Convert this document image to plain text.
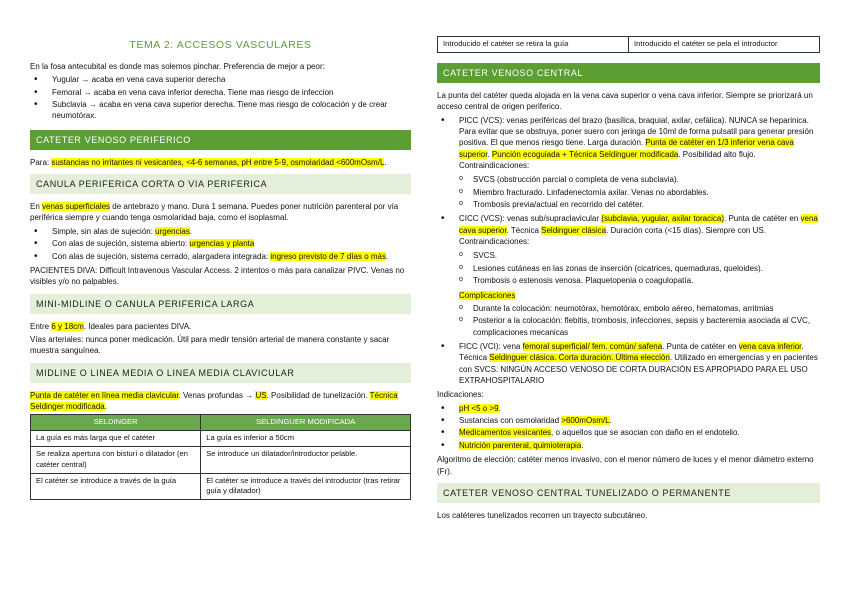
TEMA 2: ACCESOS VASCULARES

En la fosa antecubital es donde mas solemos pinchar. Preferencia de mejor a peor:

• Yugular → acaba en vena cava superior derecha
• Femoral → acaba en vena cava inferior derecha. Tiene mas riesgo de infeccion
• Subclavia → acaba en vena cava superior derecha. Tiene mas riesgo de colocación y de crear neumotórax.
CATETER VENOSO PERIFERICO

Para: sustancias no irritantes ni vesicantes, <4-6 semanas, pH entre 5-9, osmolaridad <600mOsm/L.

CANULA PERIFERICA CORTA O VIA PERIFERICA

En venas superficiales de antebrazo y mano. Dura 1 semana. Puedes poner nutrición parenteral por vía periférica siempre y cuando tenga osmolaridad baja, como el isoplasmal.

• Simple, sin alas de sujeción: urgencias.
• Con alas de sujeción, sistema abierto: urgencias y planta
• Con alas de sujeción, sistema cerrado, alargadera integrada: ingreso previsto de 7 días o más.

PACIENTES DIVA: Difficult Intravenous Vascular Access. 2 intentos o más para canalizar PIVC. Venas no visibles y/o no palpables.

MINI-MIDLINE O CANULA PERIFERICA LARGA

Entre 6 y 18cm. Ideales para pacientes DIVA.

Vías arteriales: nunca poner medicación. Útil para medir tensión arterial de manera constante y sacar muestra sanguínea.

MIDLINE O LINEA MEDIA O LINEA MEDIA CLAVICULAR

Punta de catéter en línea media clavicular. Venas profundas → US. Posibilidad de tunelización. Técnica Seldinger modificada.

SELDINGER	SELDINGUER MODIFICADA
La guía es más larga que el catéter	La guía es inferior a 50cm
Se realiza apertura con bisturí o dilatador (en catéter central)	Se introduce un dilatador/introductor pelable.
El catéter se introduce a través de la guía	El catéter se introduce a través del introductor (tras retirar guía y dilatador)
Introducido el catéter se retira la guía	Introducido el catéter se pela el introductor
CATETER VENOSO CENTRAL

La punta del catéter queda alojada en la vena cava superior o vena cava inferior. Siempre se priorizará un acceso central de origen periferico.

• PICC (VCS): venas periféricas del brazo (basílica, braquial, axilar, cefálica). NUNCA se heparinica. Para evitar que se obstruya, poner suero con jeringa de 10ml de forma pulsatil para generar presión positiva. El que menos riesgo tiene. Larga duración. Punta de catéter en 1/3 inferior vena cava superior. Punción ecoguiada + Técnica Seldinguer modificada. Posibilidad alto flujo. Contraindicaciones:
o SVCS (obstrucción parcial o completa de vena subclavia).
o Miembro fracturado. Linfadenectomía axilar. Venas no abordables.
o Trombosis previa/actual en recorrido del catéter.
• CICC (VCS): venas sub/supraclavicular (subclavia, yugular, axilar toracica). Punta de catéter en vena cava superior. Técnica Seldinguer clásica. Duración corta (<15 días). Siempre con US. Contraindicaciones:
o SVCS.
o Lesiones cutáneas en las zonas de inserción (cicatrices, quemaduras, queloides).
o Trombosis o estenosis venosa. Plaquetopenia o coagulopatía.

Complicaciones

o Durante la colocación: neumotórax, hemotórax, embolo aéreo, hematomas, arritmias
o Posterior a la colocación: flebitis, trombosis, infecciones, sepsis y bacteremia asociada al CVC, complicaciones mecanicas
• FICC (VCI): vena femoral superficial/ fem. común/ safena. Punta de catéter en vena cava inferior. Técnica Seldinguer clásica. Corta duración. Última elección. Utilizado en emergencias y en pacientes con SVCS. NINGÚN ACCESO VENOSO DE CORTA DURACIÓN ES APROPIADO PARA EL USO EXTRAHOSPITALARIO

Indicaciones:

• pH <5 o >9.
• Sustancias con osmolaridad >600mOsm/L.
• Medicamentos vesicantes, o aquellos que se asocian con daño en el endotelio.
• Nutrición parenteral, quimioterapia.

Algoritmo de elección: catéter menos invasivo, con el menor número de luces y el menor diámetro externo (Fr).

CATETER VENOSO CENTRAL TUNELIZADO O PERMANENTE

Los catéteres tunelizados recorren un trayecto subcutáneo.
